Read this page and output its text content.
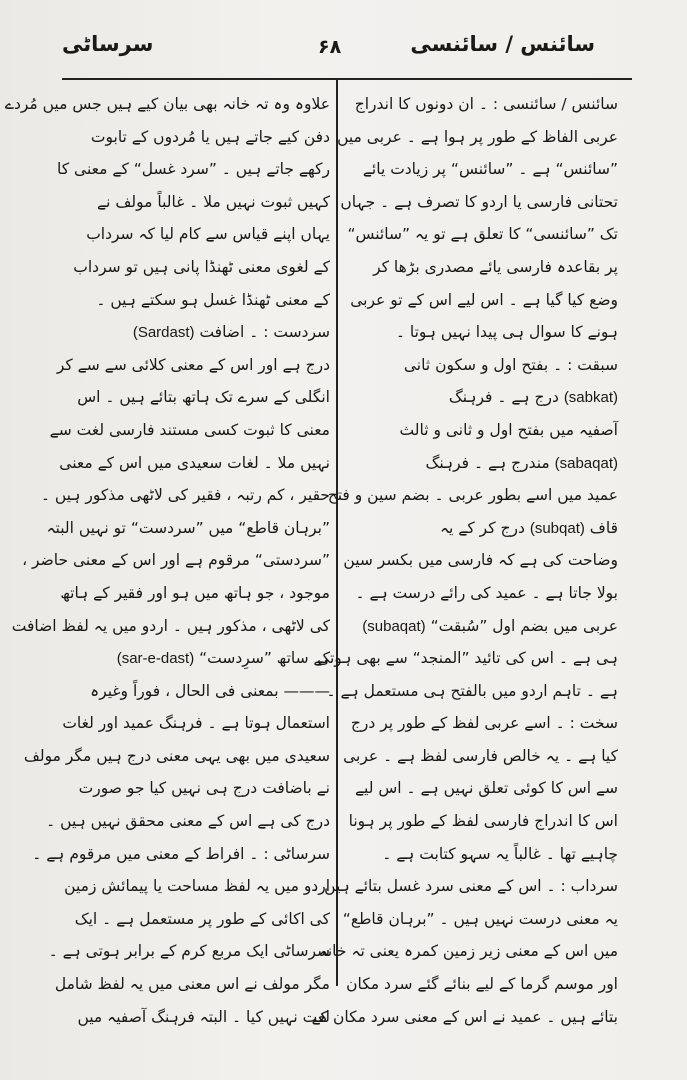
سرساٹی	۶۸	سائنس / سائنسی
سائنس / سائنسی : ۔ ان دونوں کا اندراج
عربی الفاظ کے طور پر ہوا ہے ۔ عربی میں
”سائنس“ ہے ۔ ”سائنس“ پر زیادت یائے
تحتانی فارسی یا اردو کا تصرف ہے ۔ جہاں
تک ”سائنسی“ کا تعلق ہے تو یہ ”سائنس“
پر بقاعدہ فارسی یائے مصدری بڑھا کر
وضع کیا گیا ہے ۔ اس لیے اس کے تو عربی
ہونے کا سوال ہی پیدا نہیں ہوتا ۔
سبقت : ۔ بفتح اول و سکون ثانی
(sabkat) درج ہے ۔ فرہنگ
آصفیہ میں بفتح اول و ثانی و ثالث
(sabaqat) مندرج ہے ۔ فرہنگ
عمید میں اسے بطور عربی ۔ بضم سین و فتح
قاف (subqat) درج کر کے یہ
وضاحت کی ہے کہ فارسی میں بکسر سین
بولا جاتا ہے ۔ عمید کی رائے درست ہے ۔
عربی میں بضم اول ”سُبقت“ (subaqat)
ہی ہے ۔ اس کی تائید ”المنجد“ سے بھی ہوتی
ہے ۔ تاہم اردو میں بالفتح ہی مستعمل ہے ۔
سخت : ۔ اسے عربی لفظ کے طور پر درج
کیا ہے ۔ یہ خالص فارسی لفظ ہے ۔ عربی
سے اس کا کوئی تعلق نہیں ہے ۔ اس لیے
اس کا اندراج فارسی لفظ کے طور پر ہونا
چاہیے تھا ۔ غالباً یہ سہو کتابت ہے ۔
سرداب : ۔ اس کے معنی سرد غسل بتائے ہیں ۔
یہ معنی درست نہیں ہیں ۔ ”برہان قاطع“
میں اس کے معنی زیر زمین کمرہ یعنی تہ خانہ
اور موسم گرما کے لیے بنائے گئے سرد مکان
بتائے ہیں ۔ عمید نے اس کے معنی سرد مکان کے
علاوہ وہ تہ خانہ بھی بیان کیے ہیں جس میں مُردے
دفن کیے جاتے ہیں یا مُردوں کے تابوت
رکھے جاتے ہیں ۔ ”سرد غسل“ کے معنی کا
کہیں ثبوت نہیں ملا ۔ غالباً مولف نے
یہاں اپنے قیاس سے کام لیا کہ سرداب
کے لغوی معنی ٹھنڈا پانی ہیں تو سرداب
کے معنی ٹھنڈا غسل ہو سکتے ہیں ۔
سردست : ۔ اضافت (Sardast)
درج ہے اور اس کے معنی کلائی سے سے کر
انگلی کے سرے تک ہاتھ بتائے ہیں ۔ اس
معنی کا ثبوت کسی مستند فارسی لغت سے
نہیں ملا ۔ لغات سعیدی میں اس کے معنی
حقیر ، کم رتبہ ، فقیر کی لاٹھی مذکور ہیں ۔
”برہان قاطع“ میں ”سردست“ تو نہیں البتہ
”سردستی“ مرقوم ہے اور اس کے معنی حاضر ،
موجود ، جو ہاتھ میں ہو اور فقیر کے ہاتھ
کی لاٹھی ، مذکور ہیں ۔ اردو میں یہ لفظ اضافت
کے ساتھ ”سرِدست“ (sar-e-dast)
——— بمعنی فی الحال ، فوراً وغیرہ
استعمال ہوتا ہے ۔ فرہنگ عمید اور لغات
سعیدی میں بھی یہی معنی درج ہیں مگر مولف
نے باضافت درج ہی نہیں کیا جو صورت
درج کی ہے اس کے معنی محقق نہیں ہیں ۔
سرساٹی : ۔ افراط کے معنی میں مرقوم ہے ۔
اردو میں یہ لفظ مساحت یا پیمائش زمین
کی اکائی کے طور پر مستعمل ہے ۔ ایک
سرساٹی ایک مربع کرم کے برابر ہوتی ہے ۔
مگر مولف نے اس معنی میں یہ لفظ شامل
لغت نہیں کیا ۔ البتہ فرہنگ آصفیہ میں
